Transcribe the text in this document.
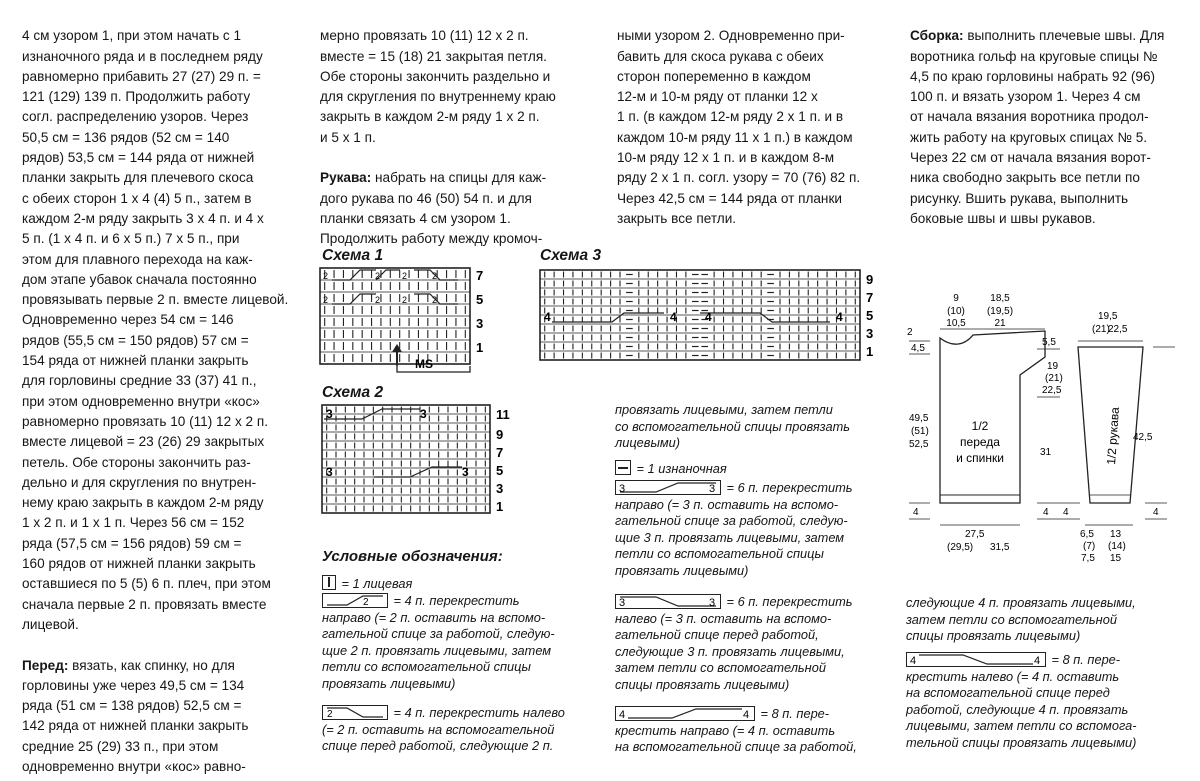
4 см узором 1, при этом начать с 1
изнаночного ряда и в последнем ряду
равномерно прибавить 27 (27) 29 п. =
121 (129) 139 п. Продолжить работу
согл. распределению узоров. Через
50,5 см = 136 рядов (52 см = 140
рядов) 53,5 см = 144 ряда от нижней
планки закрыть для плечевого скоса
с обеих сторон 1 х 4 (4) 5 п., затем в
каждом 2-м ряду закрыть 3 х 4 п. и 4 х
5 п. (1 х 4 п. и 6 х 5 п.) 7 х 5 п., при
этом для плавного перехода на каж-
дом этапе убавок сначала постоянно
провязывать первые 2 п. вместе лицевой.
Одновременно через 54 см = 146
рядов (55,5 см = 150 рядов) 57 см =
154 ряда от нижней планки закрыть
для горловины средние 33 (37) 41 п.,
при этом одновременно внутри «кос»
равномерно провязать 10 (11) 12 х 2 п.
вместе лицевой = 23 (26) 29 закрытых
петель. Обе стороны закончить раз-
дельно и для скругления по внутрен-
нему краю закрыть в каждом 2-м ряду
1 х 2 п. и 1 х 1 п. Через 56 см = 152
ряда (57,5 см = 156 рядов) 59 см =
160 рядов от нижней планки закрыть
оставшиеся по 5 (5) 6 п. плеч, при этом
сначала первые 2 п. провязать вместе
лицевой.

Перед: вязать, как спинку, но для
горловины уже через 49,5 см = 134
ряда (51 см = 138 рядов) 52,5 см =
142 ряда от нижней планки закрыть
средние 25 (29) 33 п., при этом
одновременно внутри «кос» равно-

мерно провязать 10 (11) 12 х 2 п.
вместе = 15 (18) 21 закрытая петля.
Обе стороны закончить раздельно и
для скругления по внутреннему краю
закрыть в каждом 2-м ряду 1 х 2 п.
и 5 х 1 п.

Рукава: набрать на спицы для каж-
дого рукава по 46 (50) 54 п. и для
планки связать 4 см узором 1.
Продолжить работу между кромоч-

ными узором 2. Одновременно при-
бавить для скоса рукава с обеих
сторон попеременно в каждом
12-м и 10-м ряду от планки 12 х
1 п. (в каждом 12-м ряду 2 х 1 п. и в
каждом 10-м ряду 11 х 1 п.) в каждом
10-м ряду 12 х 1 п. и в каждом 8-м
ряду 2 х 1 п. согл. узору = 70 (76) 82 п.
Через 42,5 см = 144 ряда от планки
закрыть все петли.

Сборка: выполнить плечевые швы. Для
воротника гольф на круговые спицы №
4,5 по краю горловины набрать 92 (96)
100 п. и вязать узором 1. Через 4 см
от начала вязания воротника продол-
жить работу на круговых спицах № 5.
Через 22 см от начала вязания ворот-
ника свободно закрыть все петли по
рисунку. Вшить рукава, выполнить
боковые швы и швы рукавов.

Схема 1	Схема 3
Схема 2
2 2
2	2
2	2 2	2
7
5
3
1
MS
4	4 4	4
9
7
5
3
1
3	3
3	3
11
9
7
5
3
1
Условные обозначения:
= 1 лицевая
2 = 4 п. перекрестить
направо (= 2 п. оставить на вспомо-
гательной спице за работой, следую-
щие 2 п. провязать лицевыми, затем
петли со вспомогательной спицы
провязать лицевыми)
2	= 4 п. перекрестить налево
(= 2 п. оставить на вспомогательной
спице перед работой, следующие 2 п.
провязать лицевыми, затем петли
со вспомогательной спицы провязать
лицевыми)
= 1 изнаночная
3	3 = 6 п. перекрестить
направо (= 3 п. оставить на вспомо-
гательной спице за работой, следую-
щие 3 п. провязать лицевыми, затем
петли со вспомогательной спицы
провязать лицевыми)
3	3 = 6 п. перекрестить
налево (= 3 п. оставить на вспомо-
гательной спице перед работой,
следующие 3 п. провязать лицевыми,
затем петли со вспомогательной
спицы провязать лицевыми)
4	4 = 8 п. пере-
крестить направо (= 4 п. оставить
на вспомогательной спице за работой,
следующие 4 п. провязать лицевыми,
затем петли со вспомогательной
спицы провязать лицевыми)
4	4 = 8 п. пере-
крестить налево (= 4 п. оставить
на вспомогательной спице перед
работой, следующие 4 п. провязать
лицевыми, затем петли со вспомога-
тельной спицы провязать лицевыми)
1/2
переда
и спинки
9
(10)
10,5
18,5
(19,5)
21
2
4,5
49,5
(51)
52,5
4
5,5
19
(21)
22,5
31
4
27,5
(29,5) 31,5
1/2 рукава
19,5
(21)
22,5
42,5
4	4
6,5
(7)
7,5
13
(14)
15
